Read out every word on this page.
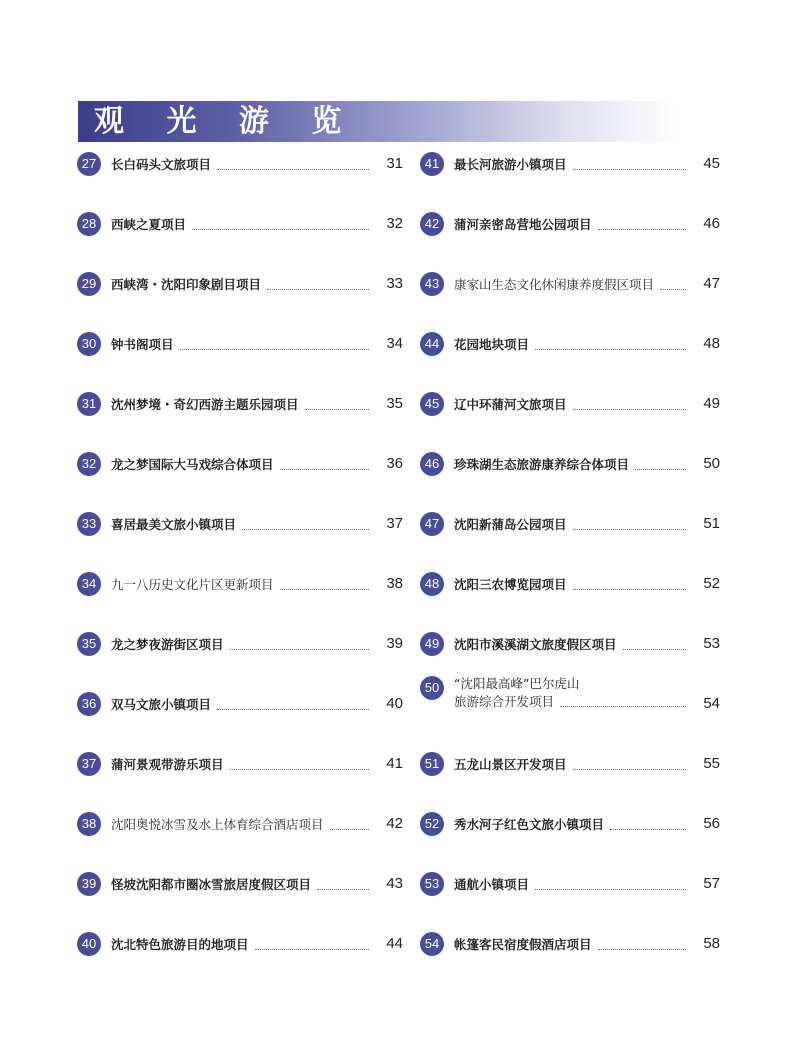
观 光 游 览
27	长白码头文旅项目	31
28	西峡之夏项目	32
29	西峡湾・沈阳印象剧目项目	33
30	钟书阁项目	34
31	沈州梦境・奇幻西游主题乐园项目	35
32	龙之梦国际大马戏综合体项目	36
33	喜居最美文旅小镇项目	37
34	九一八历史文化片区更新项目	38
35	龙之梦夜游街区项目	39
36	双马文旅小镇项目	40
37	蒲河景观带游乐项目	41
38	沈阳奥悦冰雪及水上体育综合酒店项目	42
39	怪坡沈阳都市圈冰雪旅居度假区项目	43
40	沈北特色旅游目的地项目	44
41	最长河旅游小镇项目	45
42	蒲河亲密岛营地公园项目	46
43	康家山生态文化休闲康养度假区项目	47
44	花园地块项目	48
45	辽中环蒲河文旅项目	49
46	珍珠湖生态旅游康养综合体项目	50
47	沈阳新蒲岛公园项目	51
48	沈阳三农博览园项目	52
49	沈阳市溪溪湖文旅度假区项目	53
50	“沈阳最高峰”巴尔虎山
旅游综合开发项目	54
51	五龙山景区开发项目	55
52	秀水河子红色文旅小镇项目	56
53	通航小镇项目	57
54	帐篷客民宿度假酒店项目	58
